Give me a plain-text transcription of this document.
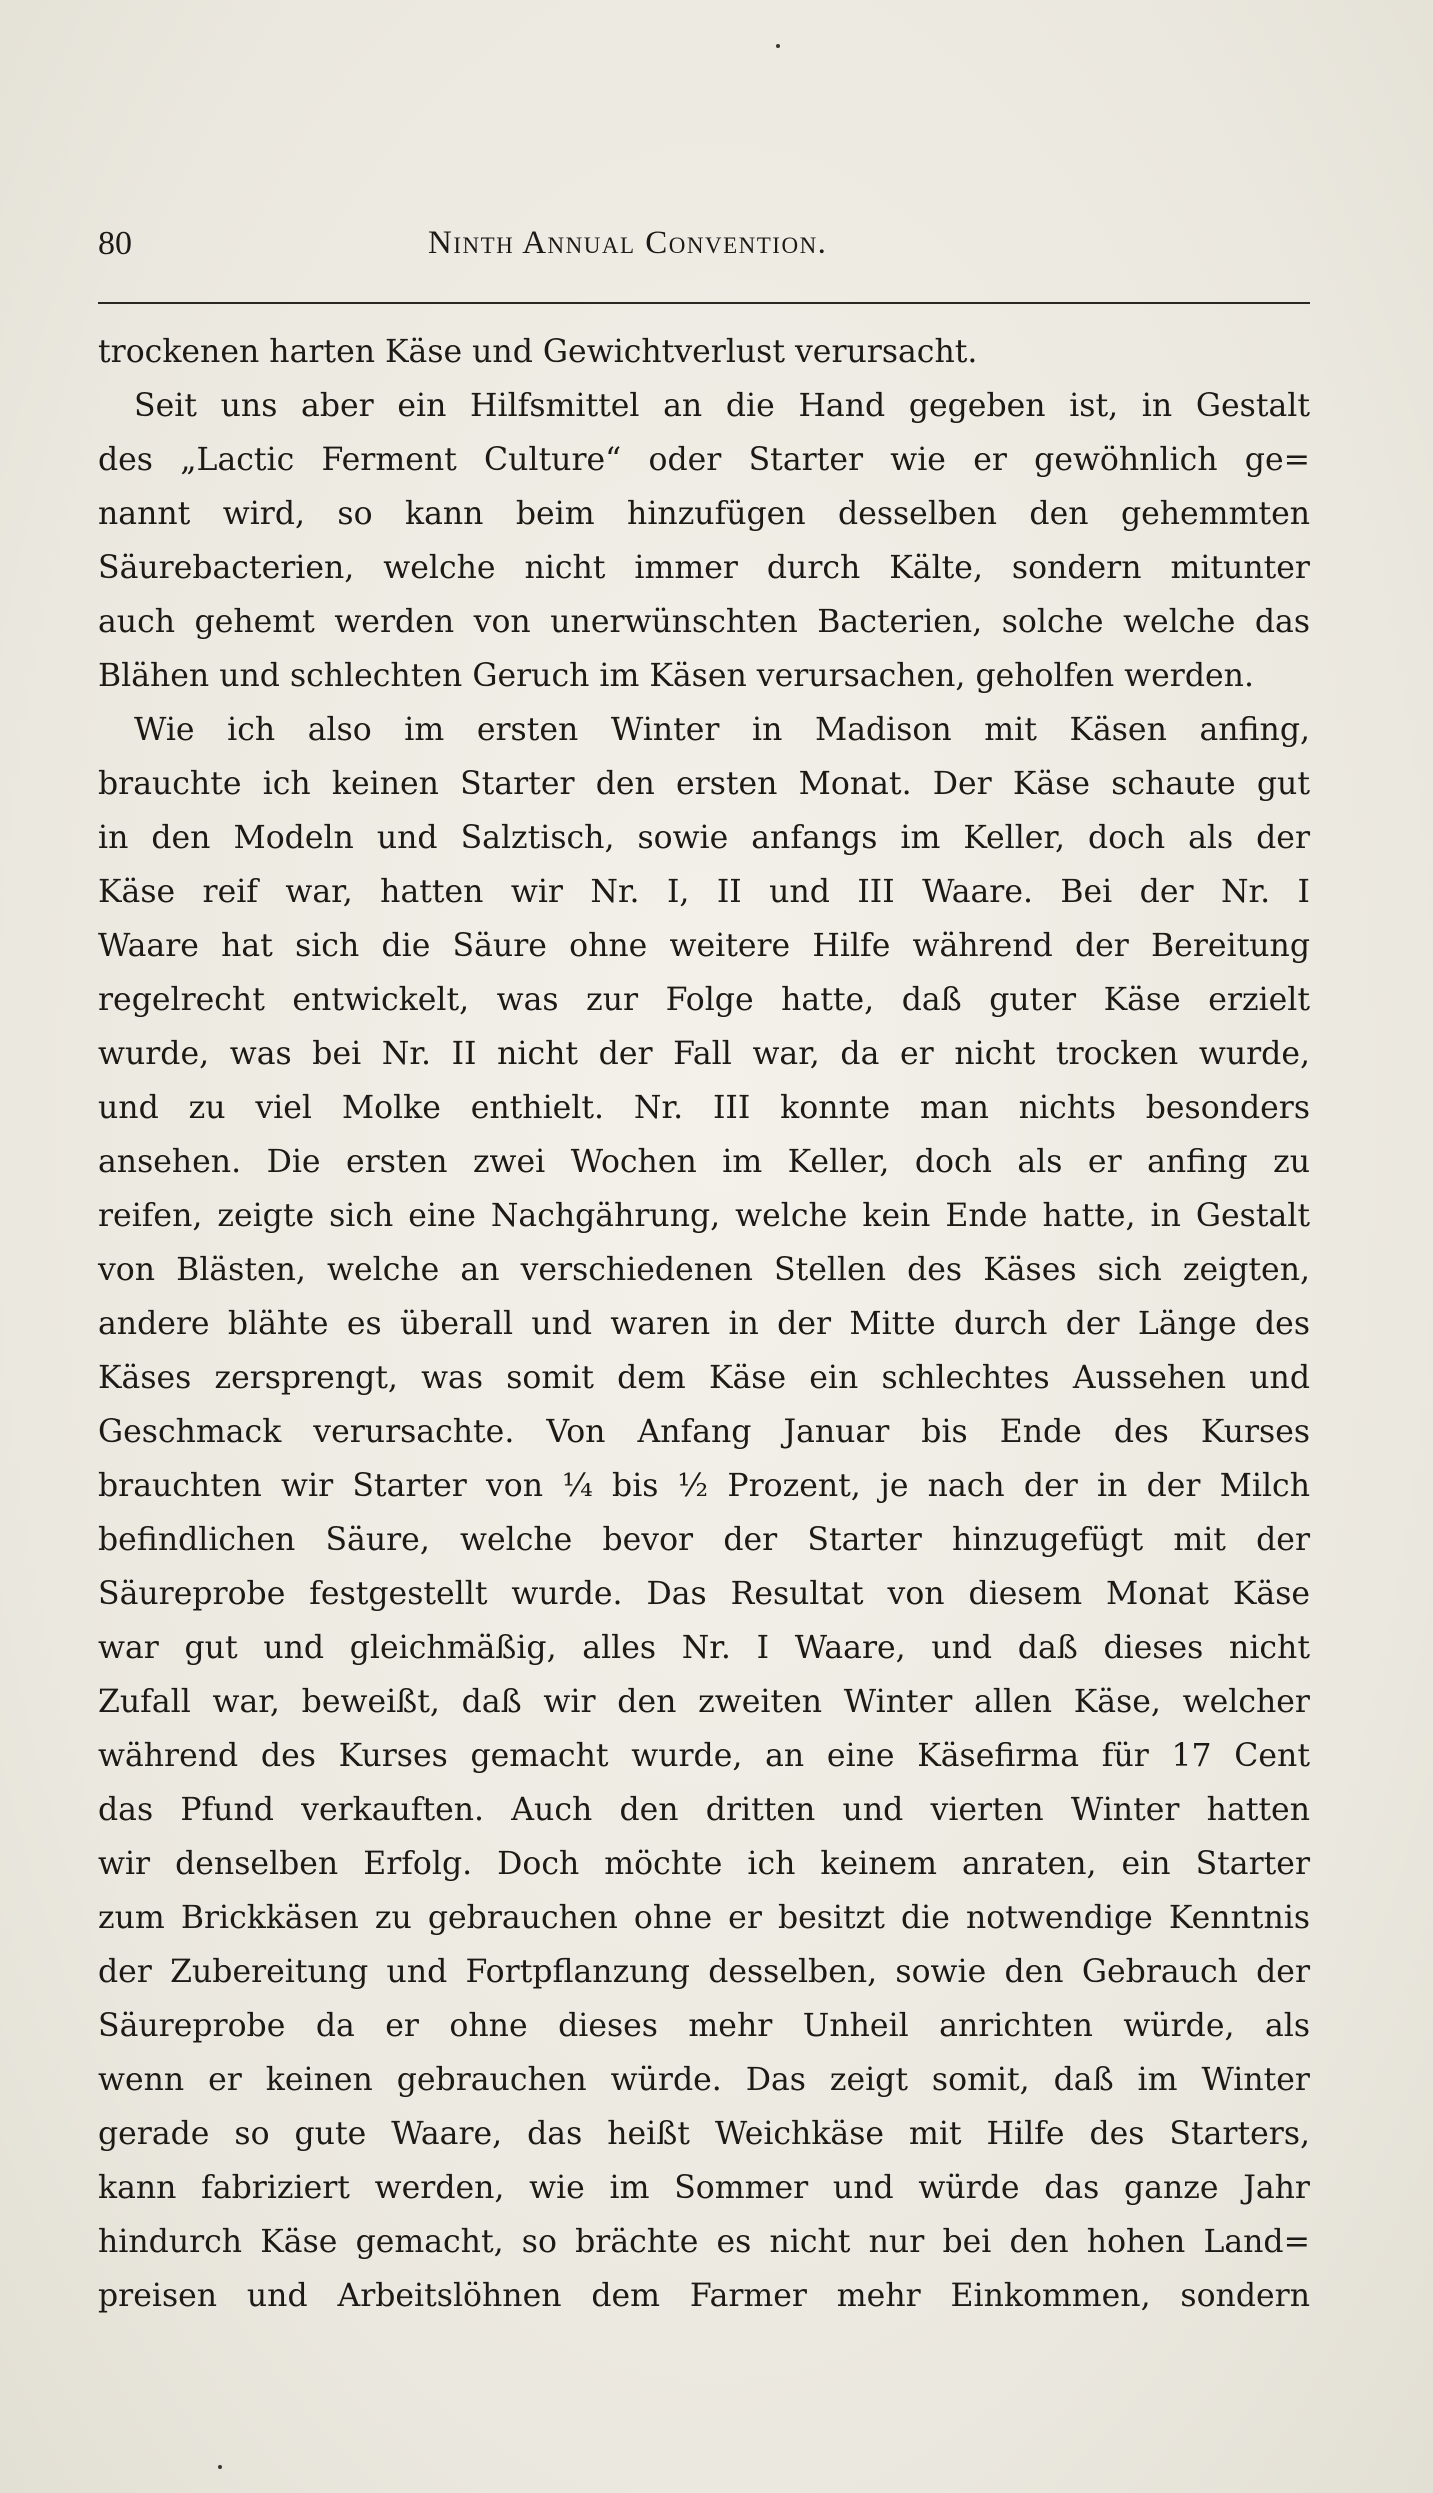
80	Ninth Annual Convention.
trockenen harten Käse und Gewichtverlust verursacht.
Seit uns aber ein Hilfsmittel an die Hand gegeben ist, in Gestalt
des „Lactic Ferment Culture“ oder Starter wie er gewöhnlich ge=
nannt wird, so kann beim hinzufügen desselben den gehemmten
Säurebacterien, welche nicht immer durch Kälte, sondern mitunter
auch gehemt werden von unerwünschten Bacterien, solche welche das
Blähen und schlechten Geruch im Käsen verursachen, geholfen werden.
Wie ich also im ersten Winter in Madison mit Käsen anfing,
brauchte ich keinen Starter den ersten Monat. Der Käse schaute gut
in den Modeln und Salztisch, sowie anfangs im Keller, doch als der
Käse reif war, hatten wir Nr. I, II und III Waare. Bei der Nr. I
Waare hat sich die Säure ohne weitere Hilfe während der Bereitung
regelrecht entwickelt, was zur Folge hatte, daß guter Käse erzielt
wurde, was bei Nr. II nicht der Fall war, da er nicht trocken wurde,
und zu viel Molke enthielt. Nr. III konnte man nichts besonders
ansehen. Die ersten zwei Wochen im Keller, doch als er anfing zu
reifen, zeigte sich eine Nachgährung, welche kein Ende hatte, in Gestalt
von Blästen, welche an verschiedenen Stellen des Käses sich zeigten,
andere blähte es überall und waren in der Mitte durch der Länge des
Käses zersprengt, was somit dem Käse ein schlechtes Aussehen und
Geschmack verursachte. Von Anfang Januar bis Ende des Kurses
brauchten wir Starter von ¼ bis ½ Prozent, je nach der in der Milch
befindlichen Säure, welche bevor der Starter hinzugefügt mit der
Säureprobe festgestellt wurde. Das Resultat von diesem Monat Käse
war gut und gleichmäßig, alles Nr. I Waare, und daß dieses nicht
Zufall war, beweißt, daß wir den zweiten Winter allen Käse, welcher
während des Kurses gemacht wurde, an eine Käsefirma für 17 Cent
das Pfund verkauften. Auch den dritten und vierten Winter hatten
wir denselben Erfolg. Doch möchte ich keinem anraten, ein Starter
zum Brickkäsen zu gebrauchen ohne er besitzt die notwendige Kenntnis
der Zubereitung und Fortpflanzung desselben, sowie den Gebrauch der
Säureprobe da er ohne dieses mehr Unheil anrichten würde, als
wenn er keinen gebrauchen würde. Das zeigt somit, daß im Winter
gerade so gute Waare, das heißt Weichkäse mit Hilfe des Starters,
kann fabriziert werden, wie im Sommer und würde das ganze Jahr
hindurch Käse gemacht, so brächte es nicht nur bei den hohen Land=
preisen und Arbeitslöhnen dem Farmer mehr Einkommen, sondern
